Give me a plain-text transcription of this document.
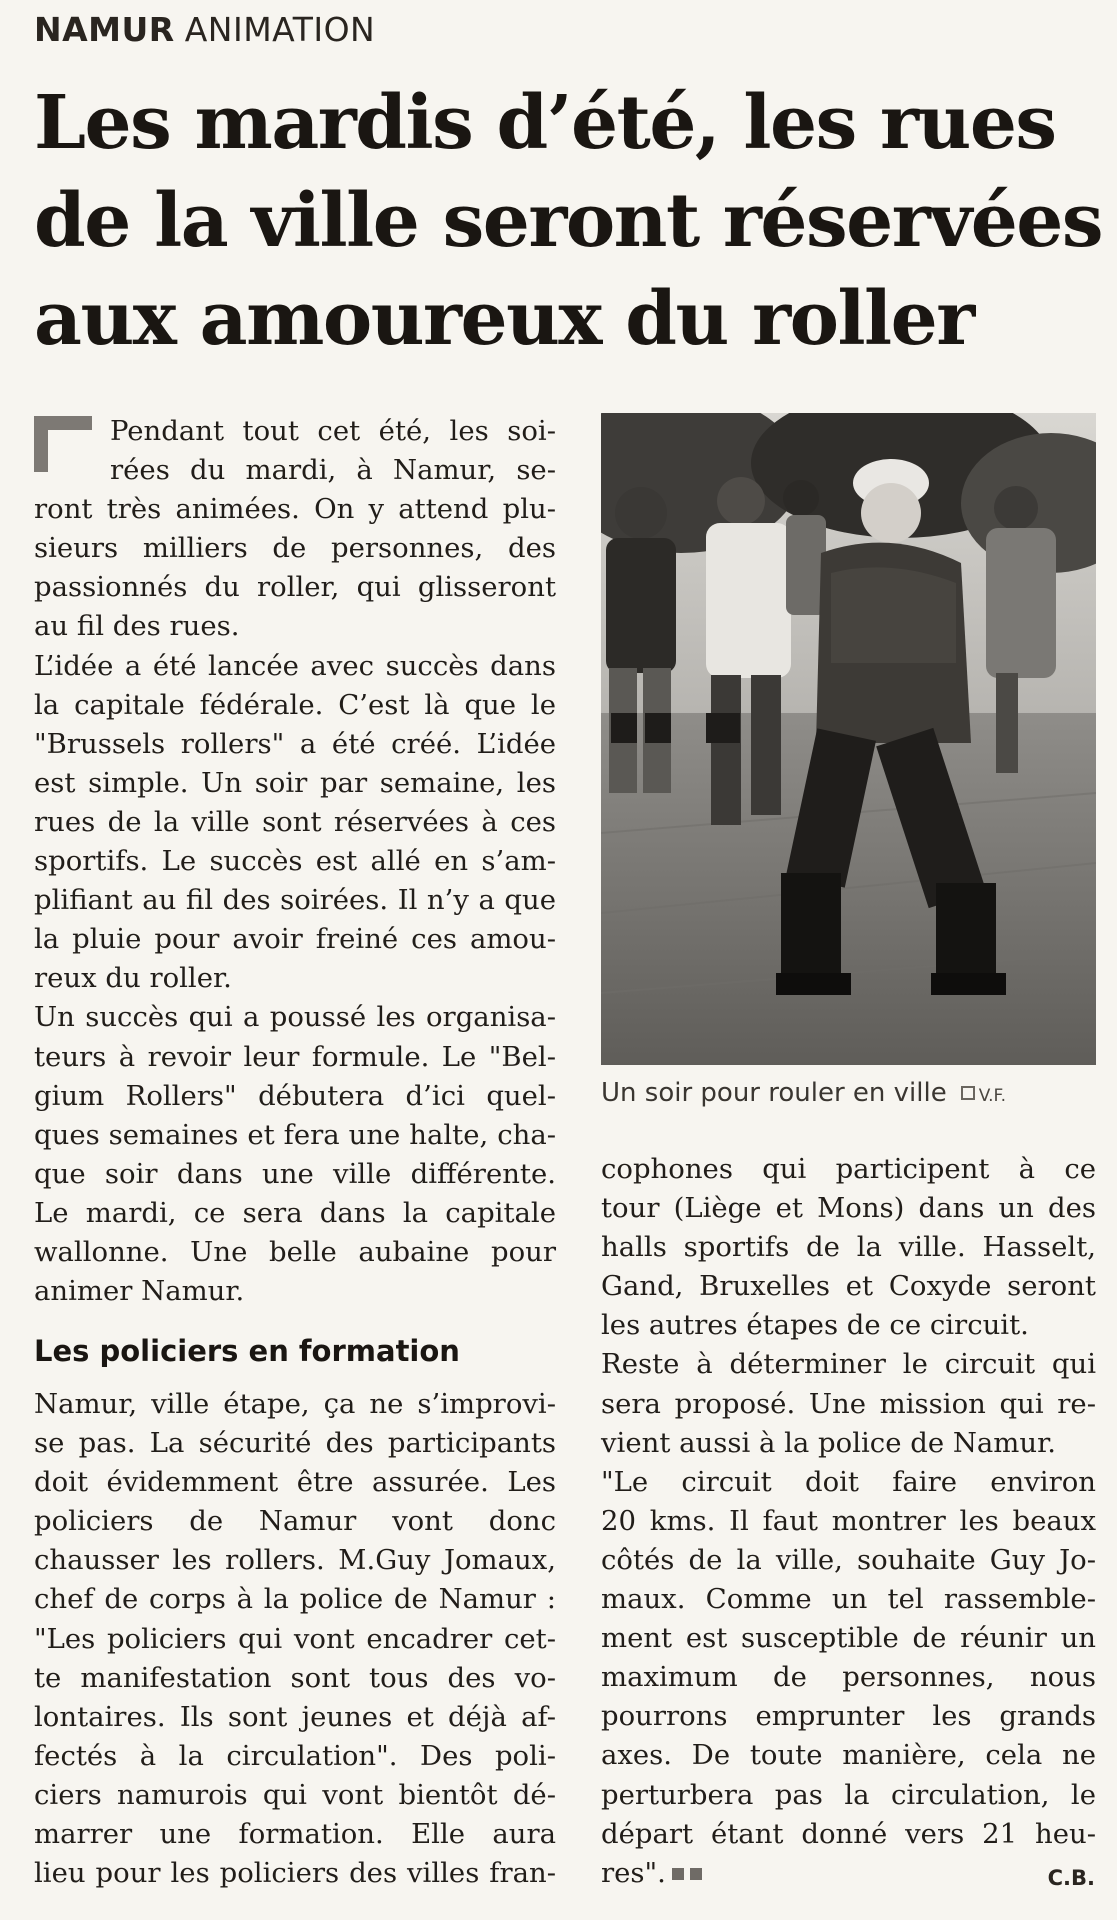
NAMUR ANIMATION
Les mardis d’été, les rues
de la ville seront réservées
aux amoureux du roller
Pendant tout cet été, les soi-
rées du mardi, à Namur, se-
ront très animées. On y attend plu-
sieurs milliers de personnes, des
passionnés du roller, qui glisseront
au fil des rues.
L’idée a été lancée avec succès dans
la capitale fédérale. C’est là que le
"Brussels rollers" a été créé. L’idée
est simple. Un soir par semaine, les
rues de la ville sont réservées à ces
sportifs. Le succès est allé en s’am-
plifiant au fil des soirées. Il n’y a que
la pluie pour avoir freiné ces amou-
reux du roller.
Un succès qui a poussé les organisa-
teurs à revoir leur formule. Le "Bel-
gium Rollers" débutera d’ici quel-
ques semaines et fera une halte, cha-
que soir dans une ville différente.
Le mardi, ce sera dans la capitale
wallonne. Une belle aubaine pour
animer Namur.
Les policiers en formation
Namur, ville étape, ça ne s’improvi-
se pas. La sécurité des participants
doit évidemment être assurée. Les
policiers de Namur vont donc
chausser les rollers. M.Guy Jomaux,
chef de corps à la police de Namur :
"Les policiers qui vont encadrer cet-
te manifestation sont tous des vo-
lontaires. Ils sont jeunes et déjà af-
fectés à la circulation". Des poli-
ciers namurois qui vont bientôt dé-
marrer une formation. Elle aura
lieu pour les policiers des villes fran-
Un soir pour rouler en ville V.F.
cophones qui participent à ce
tour (Liège et Mons) dans un des
halls sportifs de la ville. Hasselt,
Gand, Bruxelles et Coxyde seront
les autres étapes de ce circuit.
Reste à déterminer le circuit qui
sera proposé. Une mission qui re-
vient aussi à la police de Namur.
"Le circuit doit faire environ
20 kms. Il faut montrer les beaux
côtés de la ville, souhaite Guy Jo-
maux. Comme un tel rassemble-
ment est susceptible de réunir un
maximum de personnes, nous
pourrons emprunter les grands
axes. De toute manière, cela ne
perturbera pas la circulation, le
départ étant donné vers 21 heu-
res".	C.B.
